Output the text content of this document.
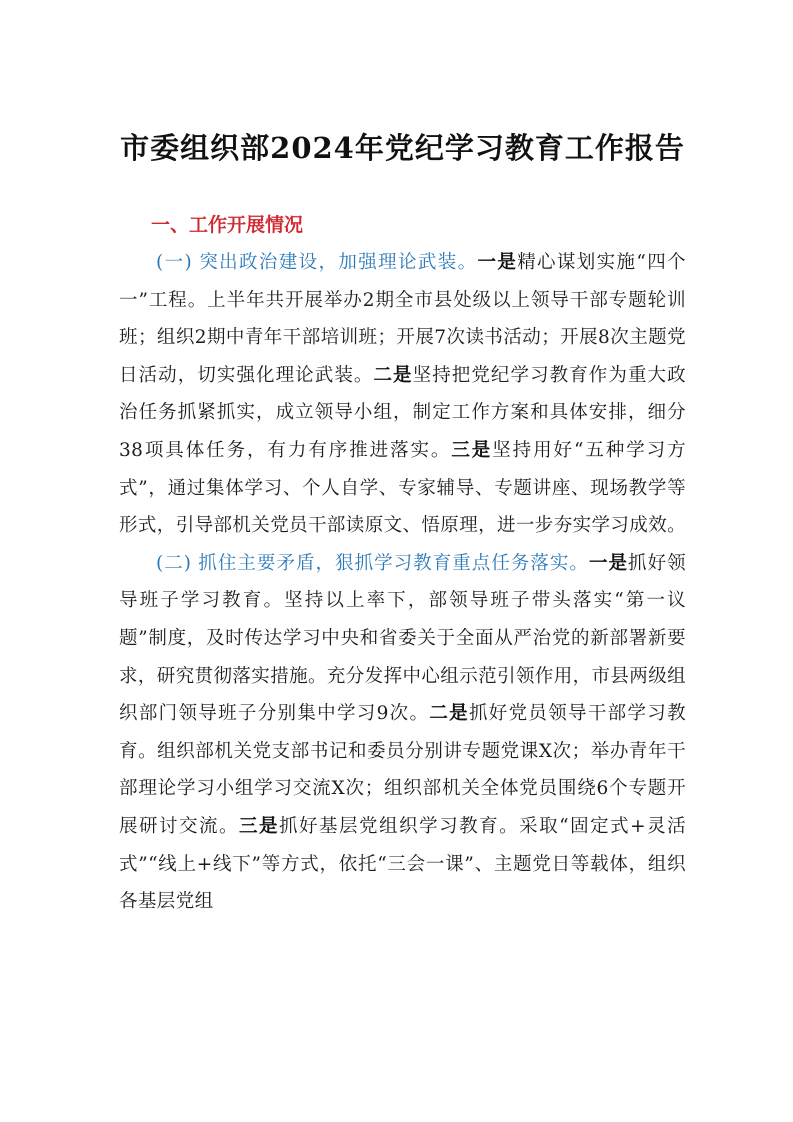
市委组织部2024年党纪学习教育工作报告
一、工作开展情况

(一) 突出政治建设，加强理论武装。一是精心谋划实施“四个一”工程。上半年共开展举办2期全市县处级以上领导干部专题轮训班；组织2期中青年干部培训班；开展7次读书活动；开展8次主题党日活动，切实强化理论武装。二是坚持把党纪学习教育作为重大政治任务抓紧抓实，成立领导小组，制定工作方案和具体安排，细分38项具体任务，有力有序推进落实。三是坚持用好“五种学习方式”，通过集体学习、个人自学、专家辅导、专题讲座、现场教学等形式，引导部机关党员干部读原文、悟原理，进一步夯实学习成效。

(二) 抓住主要矛盾，狠抓学习教育重点任务落实。一是抓好领导班子学习教育。坚持以上率下，部领导班子带头落实“第一议题”制度，及时传达学习中央和省委关于全面从严治党的新部署新要求，研究贯彻落实措施。充分发挥中心组示范引领作用，市县两级组织部门领导班子分别集中学习9次。二是抓好党员领导干部学习教育。组织部机关党支部书记和委员分别讲专题党课X次；举办青年干部理论学习小组学习交流X次；组织部机关全体党员围绕6个专题开展研讨交流。三是抓好基层党组织学习教育。采取“固定式+灵活式”“线上+线下”等方式，依托“三会一课”、主题党日等载体，组织各基层党组
